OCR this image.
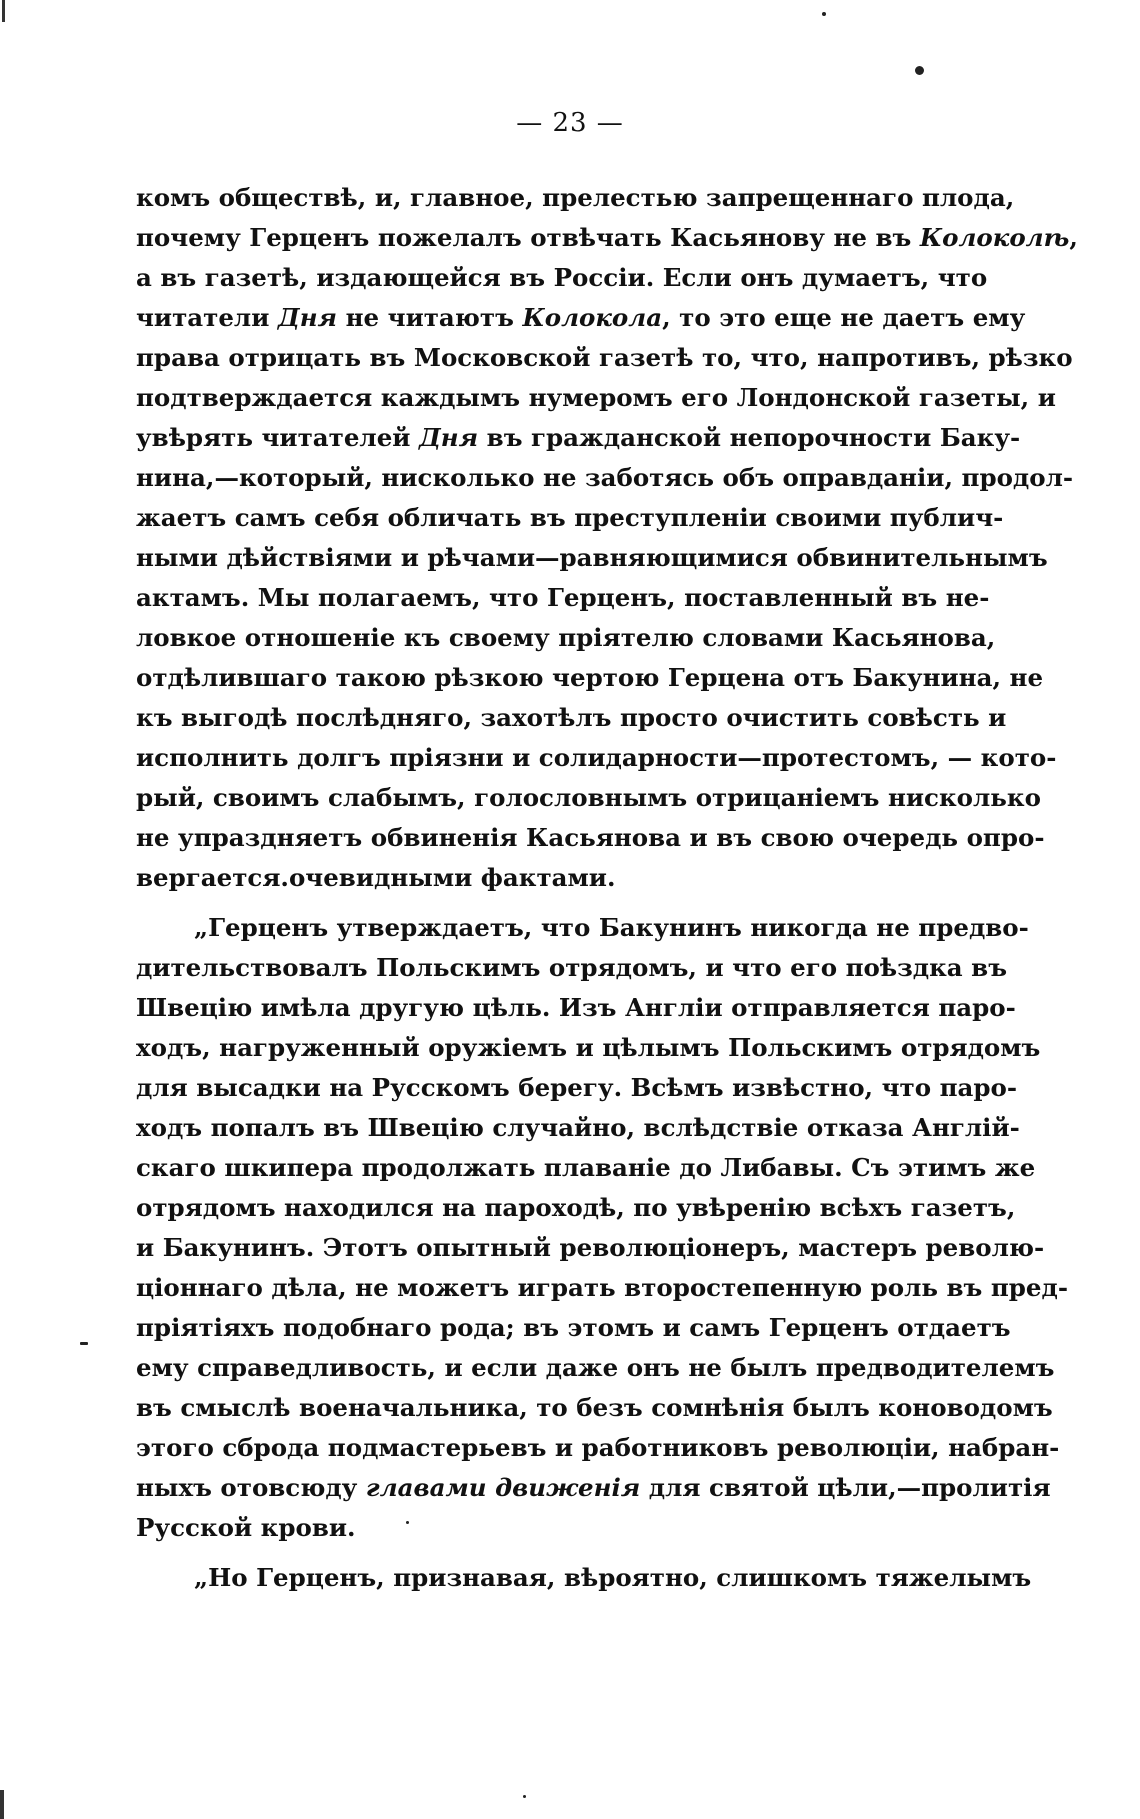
— 23 —
комъ обществѣ, и, главное, прелестью запрещеннаго плода,
почему Герценъ пожелалъ отвѣчать Касьянову не въ Колоколѣ,
а въ газетѣ, издающейся въ Россіи. Если онъ думаетъ, что
читатели Дня не читаютъ Колокола, то это еще не даетъ ему
права отрицать въ Московской газетѣ то, что, напротивъ, рѣзко
подтверждается каждымъ нумеромъ его Лондонской газеты, и
увѣрять читателей Дня въ гражданской непорочности Баку-
нина,—который, нисколько не заботясь объ оправданіи, продол-
жаетъ самъ себя обличать въ преступленіи своими публич-
ными дѣйствіями и рѣчами—равняющимися обвинительнымъ
актамъ. Мы полагаемъ, что Герценъ, поставленный въ не-
ловкое отношеніе къ своему пріятелю словами Касьянова,
отдѣлившаго такою рѣзкою чертою Герцена отъ Бакунина, не
къ выгодѣ послѣдняго, захотѣлъ просто очистить совѣсть и
исполнить долгъ пріязни и солидарности—протестомъ, — кото-
рый, своимъ слабымъ, голословнымъ отрицаніемъ нисколько
не упраздняетъ обвиненія Касьянова и въ свою очередь опро-
вергается.очевидными фактами.
„Герценъ утверждаетъ, что Бакунинъ никогда не предво-
дительствовалъ Польскимъ отрядомъ, и что его поѣздка въ
Швецію имѣла другую цѣль. Изъ Англіи отправляется паро-
ходъ, нагруженный оружіемъ и цѣлымъ Польскимъ отрядомъ
для высадки на Русскомъ берегу. Всѣмъ извѣстно, что паро-
ходъ попалъ въ Швецію случайно, вслѣдствіе отказа Англій-
скаго шкипера продолжать плаваніе до Либавы. Съ этимъ же
отрядомъ находился на пароходѣ, по увѣренію всѣхъ газетъ,
и Бакунинъ. Этотъ опытный революціонеръ, мастеръ револю-
ціоннаго дѣла, не можетъ играть второстепенную роль въ пред-
пріятіяхъ подобнаго рода; въ этомъ и самъ Герценъ отдаетъ
ему справедливость, и если даже онъ не былъ предводителемъ
въ смыслѣ военачальника, то безъ сомнѣнія былъ коноводомъ
этого сброда подмастерьевъ и работниковъ революціи, набран-
ныхъ отовсюду главами движенія для святой цѣли,—пролитія
Русской крови.
„Но Герценъ, признавая, вѣроятно, слишкомъ тяжелымъ
